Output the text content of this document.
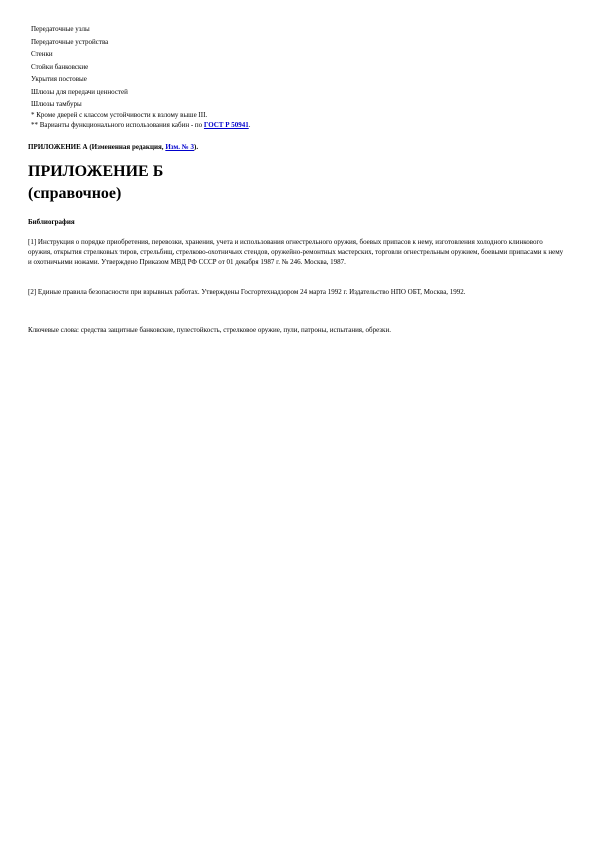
Передаточные узлы
Передаточные устройства
Стенки
Стойки банковские
Укрытия постовые
Шлюзы для передачи ценностей
Шлюзы тамбуры
* Кроме дверей с классом устойчивости к взлому выше III.
** Варианты функционального использования кабин - по ГОСТ Р 50941.
ПРИЛОЖЕНИЕ А (Измененная редакция, Изм. № 3).
ПРИЛОЖЕНИЕ Б
(справочное)
Библиография
[1] Инструкция о порядке приобретения, перевозки, хранения, учета и использования огнестрельного оружия, боевых припасов к нему, изготовления холодного клинкового оружия, открытия стрелковых тиров, стрельбищ, стрелково-охотничьих стендов, оружейно-ремонтных мастерских, торговли огнестрельным оружием, боевыми припасами к нему и охотничьими ножами. Утверждено Приказом МВД РФ СССР от 01 декабря 1987 г. № 246. Москва, 1987.
[2] Единые правила безопасности при взрывных работах. Утверждены Госгортехнадзором 24 марта 1992 г. Издательство НПО ОБТ, Москва, 1992.
Ключевые слова: средства защитные банковские, пулестойкость, стрелковое оружие, пули, патроны, испытания, обрезки.
